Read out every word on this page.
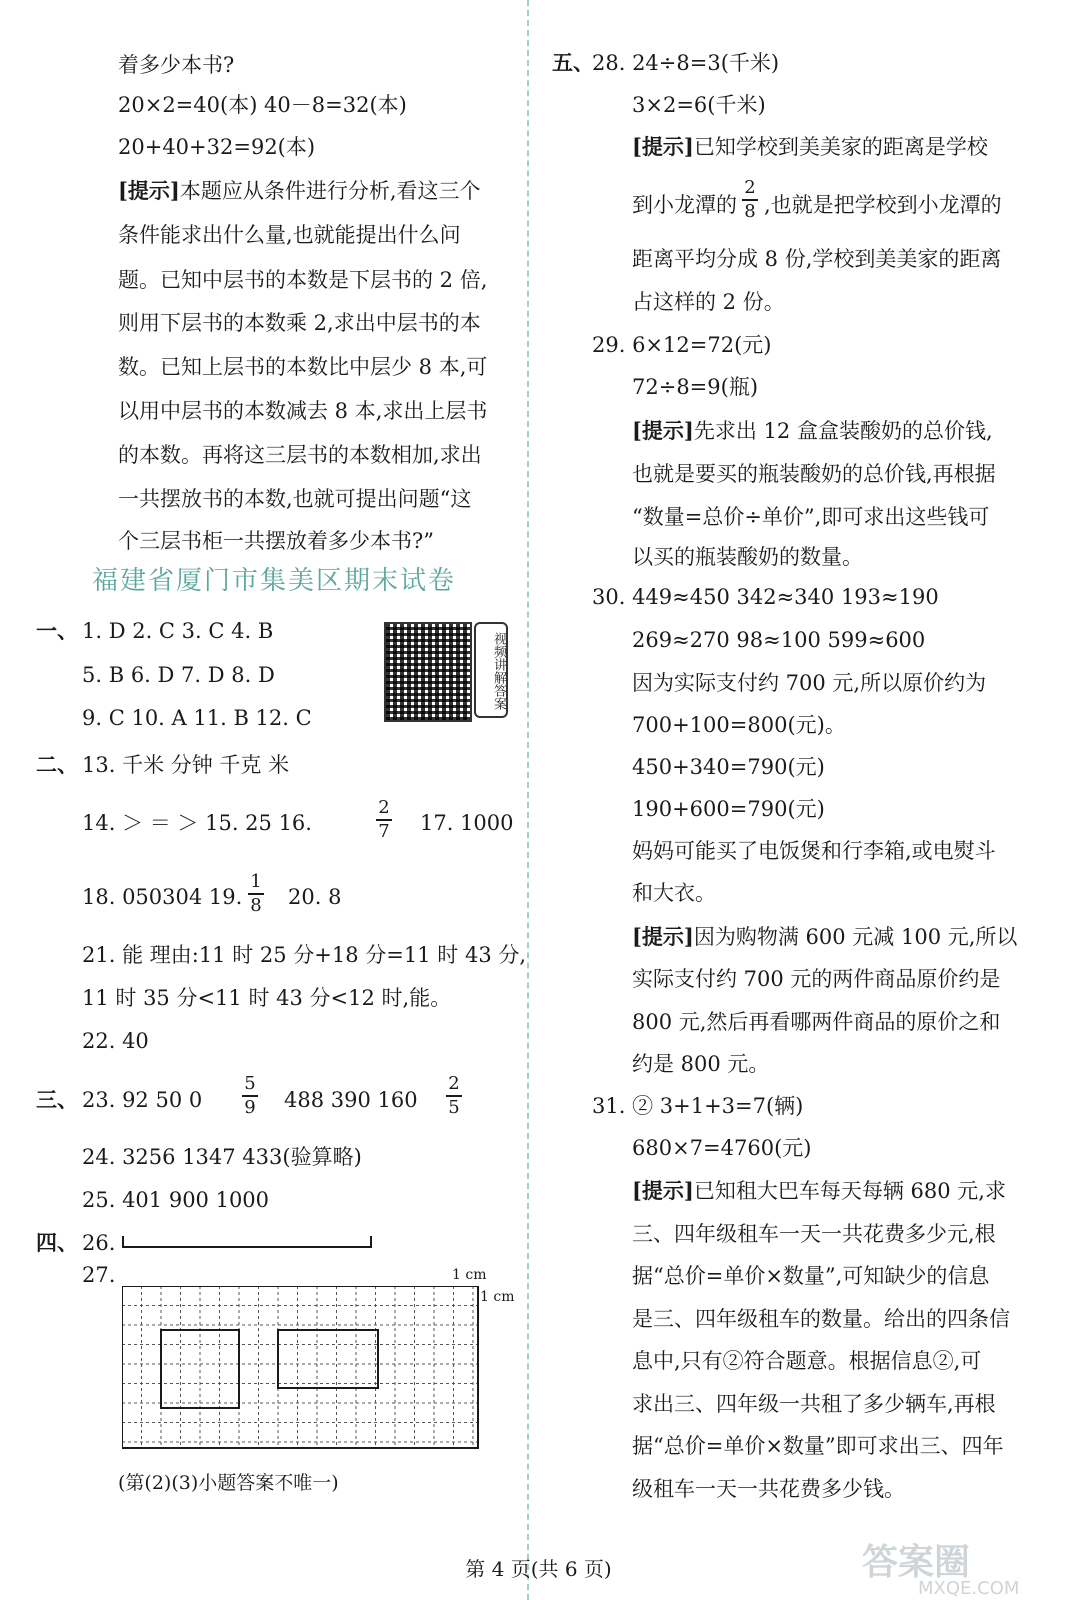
着多少本书?
20×2=40(本) 40－8=32(本)
20+40+32=92(本)
[提示]本题应从条件进行分析,看这三个
条件能求出什么量,也就能提出什么问
题。已知中层书的本数是下层书的 2 倍,
则用下层书的本数乘 2,求出中层书的本
数。已知上层书的本数比中层少 8 本,可
以用中层书的本数减去 8 本,求出上层书
的本数。再将这三层书的本数相加,求出
一共摆放书的本数,也就可提出问题“这
个三层书柜一共摆放着多少本书?”
福建省厦门市集美区期末试卷
一、 1. D 2. C 3. C 4. B
5. B 6. D 7. D 8. D
9. C 10. A 11. B 12. C
视频讲解答案
二、 13. 千米 分钟 千克 米
14. ＞ ＝ ＞ 15. 25 16.
2
7 17. 1000
18. 050304 19.
1
8 20. 8
21. 能 理由:11 时 25 分+18 分=11 时 43 分,
11 时 35 分<11 时 43 分<12 时,能。
22. 40
三、 23. 92 50 0
5
9 488 390 160
2
5
24. 3256 1347 433(验算略)
25. 401 900 1000
四、 26.
27.	1 cm
1 cm
(第(2)(3)小题答案不唯一)
五、
28. 24÷8=3(千米)
3×2=6(千米)
[提示]已知学校到美美家的距离是学校
到小龙潭的
2
8 ,也就是把学校到小龙潭的
距离平均分成 8 份,学校到美美家的距离
占这样的 2 份。
29. 6×12=72(元)
72÷8=9(瓶)
[提示]先求出 12 盒盒装酸奶的总价钱,
也就是要买的瓶装酸奶的总价钱,再根据
“数量=总价÷单价”,即可求出这些钱可
以买的瓶装酸奶的数量。
30. 449≈450 342≈340 193≈190
269≈270 98≈100 599≈600
因为实际支付约 700 元,所以原价约为
700+100=800(元)。
450+340=790(元)
190+600=790(元)
妈妈可能买了电饭煲和行李箱,或电熨斗
和大衣。
[提示]因为购物满 600 元减 100 元,所以
实际支付约 700 元的两件商品原价约是
800 元,然后再看哪两件商品的原价之和
约是 800 元。
31. ② 3+1+3=7(辆)
680×7=4760(元)
[提示]已知租大巴车每天每辆 680 元,求
三、四年级租车一天一共花费多少元,根
据“总价=单价×数量”,可知缺少的信息
是三、四年级租车的数量。给出的四条信
息中,只有②符合题意。根据信息②,可
求出三、四年级一共租了多少辆车,再根
据“总价=单价×数量”即可求出三、四年
级租车一天一共花费多少钱。
第 4 页(共 6 页)	答案圈
MXQE.COM
